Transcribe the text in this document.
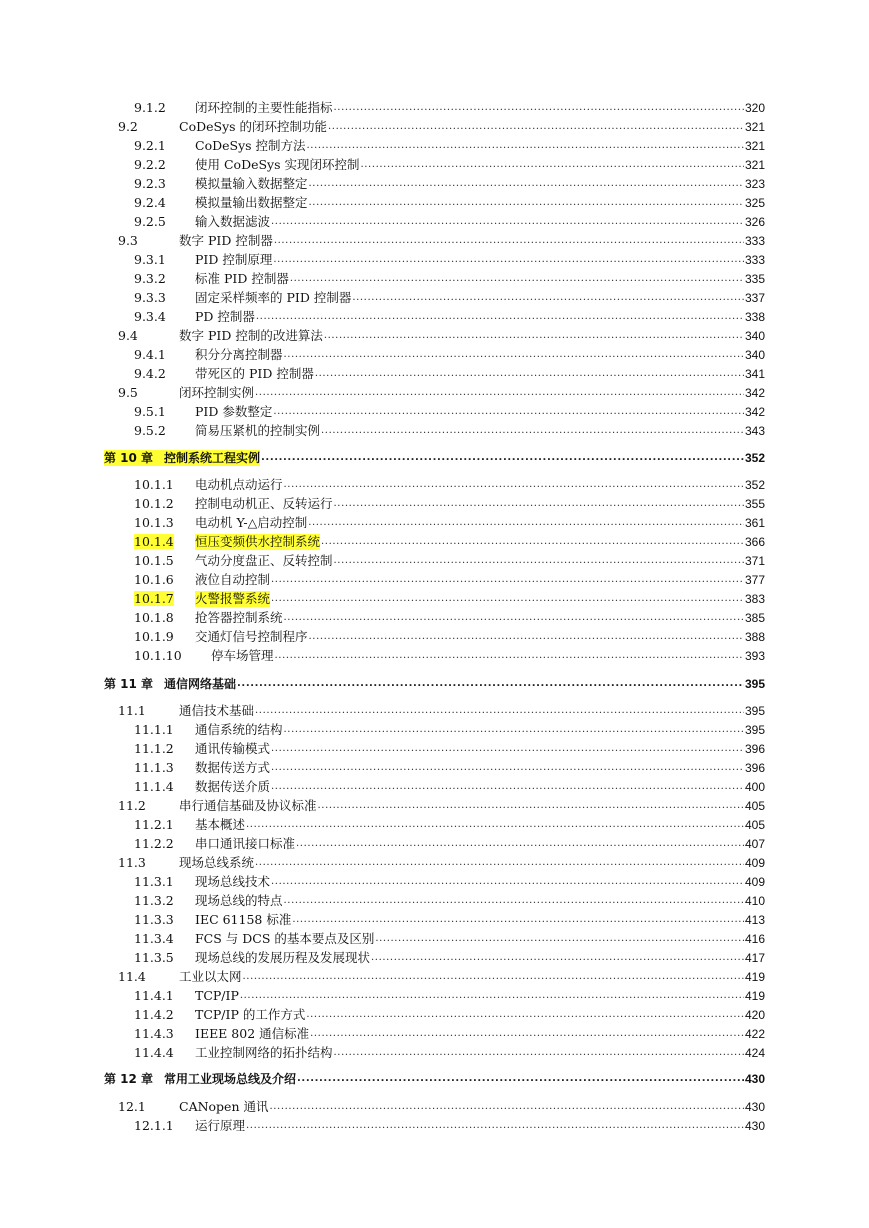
9.1.2	闭环控制的主要性能指标 .....	320
9.2	CoDeSys 的闭环控制功能 .....	321
9.2.1	CoDeSys 控制方法 .....	321
9.2.2	使用 CoDeSys 实现闭环控制 .....	321
9.2.3	模拟量输入数据整定 .....	323
9.2.4	模拟量输出数据整定 .....	325
9.2.5	输入数据滤波 .....	326
9.3	数字 PID 控制器 .....	333
9.3.1	PID 控制原理 .....	333
9.3.2	标准 PID 控制器 .....	335
9.3.3	固定采样频率的 PID 控制器 .....	337
9.3.4	PD 控制器 .....	338
9.4	数字 PID 控制的改进算法 .....	340
9.4.1	积分分离控制器 .....	340
9.4.2	带死区的 PID 控制器 .....	341
9.5	闭环控制实例 .....	342
9.5.1	PID 参数整定 .....	342
9.5.2	简易压紧机的控制实例 .....	343
第 10 章 控制系统工程实例 .....	352
10.1.1	电动机点动运行 .....	352
10.1.2	控制电动机正、反转运行 .....	355
10.1.3	电动机 Y-△启动控制 .....	361
10.1.4	恒压变频供水控制系统 .....	366
10.1.5	气动分度盘正、反转控制 .....	371
10.1.6	液位自动控制 .....	377
10.1.7	火警报警系统 .....	383
10.1.8	抢答器控制系统 .....	385
10.1.9	交通灯信号控制程序 .....	388
10.1.10	停车场管理 .....	393
第 11 章 通信网络基础 .....	395
11.1	通信技术基础 .....	395
11.1.1	通信系统的结构 .....	395
11.1.2	通讯传输模式 .....	396
11.1.3	数据传送方式 .....	396
11.1.4	数据传送介质 .....	400
11.2	串行通信基础及协议标准 .....	405
11.2.1	基本概述 .....	405
11.2.2	串口通讯接口标准 .....	407
11.3	现场总线系统 .....	409
11.3.1	现场总线技术 .....	409
11.3.2	现场总线的特点 .....	410
11.3.3	IEC 61158 标准 .....	413
11.3.4	FCS 与 DCS 的基本要点及区别 .....	416
11.3.5	现场总线的发展历程及发展现状 .....	417
11.4	工业以太网 .....	419
11.4.1	TCP/IP .....	419
11.4.2	TCP/IP 的工作方式 .....	420
11.4.3	IEEE 802 通信标准 .....	422
11.4.4	工业控制网络的拓扑结构 .....	424
第 12 章 常用工业现场总线及介绍 .....	430
12.1	CANopen 通讯 .....	430
12.1.1	运行原理 .....	430
